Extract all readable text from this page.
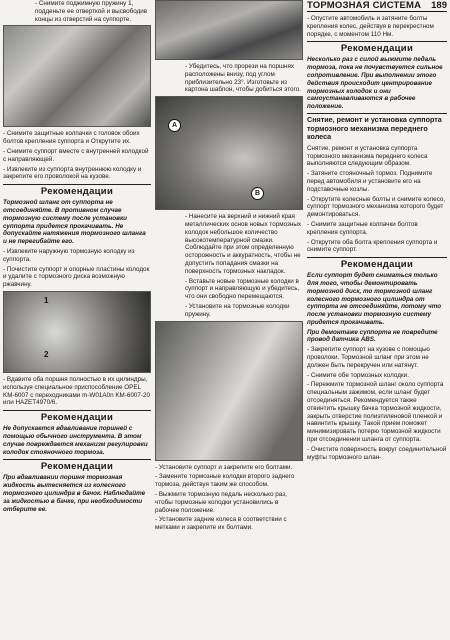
- Снимите поджимную пружину 1, подденьте ее отверткой и высвободив концы из отверстий на суппорте.

- Снимите защитные колпачки с головок обоих болтов крепления суппорта и Открутите их.

- Снимите суппорт вместе с внутренней колодкой с направляющей.

- Извлеките из суппорта внутреннюю колодку и закрепите его проволокой на кузове.

Рекомендации

Тормозной шланг от суппорта не отсоединяйте. В противном случае тормозную систему после установки суппорта придется прокачивать. Не допускайте натяжения тормозного шланга и не перегибайте его.

- Извлеките наружную тормозную колодку из суппорта.

- Почистите суппорт и опорные пластины колодок и удалите с тормозного диска возможную ржавчину.

1
2

- Вдавите оба поршня полностью в их цилиндры, используя специальное приспособление OPEL KM-6007 с переходниками m-W01A0n KM-6007-20 или HAZET4970/6.

Рекомендации

Не допускается вдавливание поршней с помощью обычного инструмента. В этом случае повреждается механизм регулировки колодок стояночного тормоза.

Рекомендации

При вдавливании поршня тормозная жидкость вытесняется из колесного тормозного цилиндра в бачок. Наблюдайте за жидкостью в бачке, при необходимости отберите ее.

- Убедитесь, что прорези на поршнях расположены внизу, под углом приблизительно 23°. Изготовьте из картона шаблон, чтобы добиться этого.

A
B

- Нанесите на верхний и нижний края металлических основ новых тормозных колодок небольшое количество высокотемпературной смазки. Соблюдайте при этом определенную осторожность и аккуратность, чтобы не допустить попадания смазки на поверхность тормозных накладок.

- Вставьте новые тормозные колодки в суппорт и направляющую и убедитесь, что они свободно перемещаются.

- Установите на тормозные колодки пружину.

- Установите суппорт и закрепите его болтами.

- Замените тормозные колодки второго заднего тормоза, действуя таким же способом.

- Выжмите тормозную педаль несколько раз, чтобы тормозные колодки установились в рабочее положение.

- Установите задние колеса в соответствии с метками и закрепите их болтами.

ТОРМОЗНАЯ СИСТЕМА 189

- Опустите автомобиль и затяните болты крепления колес, действуя в перекрестном порядке, с моментом 110 Нм.

Рекомендации

Несколько раз с силой выжмите педаль тормоза, пока не почувствуется сильное сопротивление. При выполнении этого действия происходит центрирование тормозных колодок и они самоустанавливаются в рабочее положение.

Снятие, ремонт и установка суппорта тормозного механизма переднего колеса

Снятие, ремонт и установка суппорта тормозного механизма переднего колеса выполняются следующим образом.

- Затяните стояночный тормоз. Поднимите перед автомобиля и установите его на подставочные козлы.

- Открутите колесные болты и снимите колесо, суппорт тормозного механизма которого будет демонтироваться.

- Снимите защитные колпачки болтов крепления суппорта.

- Открутите оба болта крепления суппорта и снимите суппорт.

Рекомендации

Если суппорт будет сниматься только для того, чтобы демонтировать тормозной диск, то тормозной шланг колесного тормозного цилиндра от суппорта не отсоединяйте, потому что после установки тормозную систему придется прокачивать.

При демонтаже суппорта не повредите провод датчика ABS.

- Закрепите суппорт на кузове с помощью проволоки. Тормозной шланг при этом не должен быть перекручен или натянут.

- Снимите обе тормозных колодки.

- Пережмите тормозной шланг около суппорта специальным зажимом, если шланг будет отсоединяться. Рекомендуется также отвинтить крышку бачка тормозной жидкости, закрыть отверстие полиэтиленовой пленкой и навинтить крышку. Такой прием поможет минимизировать потерю тормозной жидкости при отсоединении шланга от суппорта.

- Очистите поверхность вокруг соединительной муфты тормозного шлан-
